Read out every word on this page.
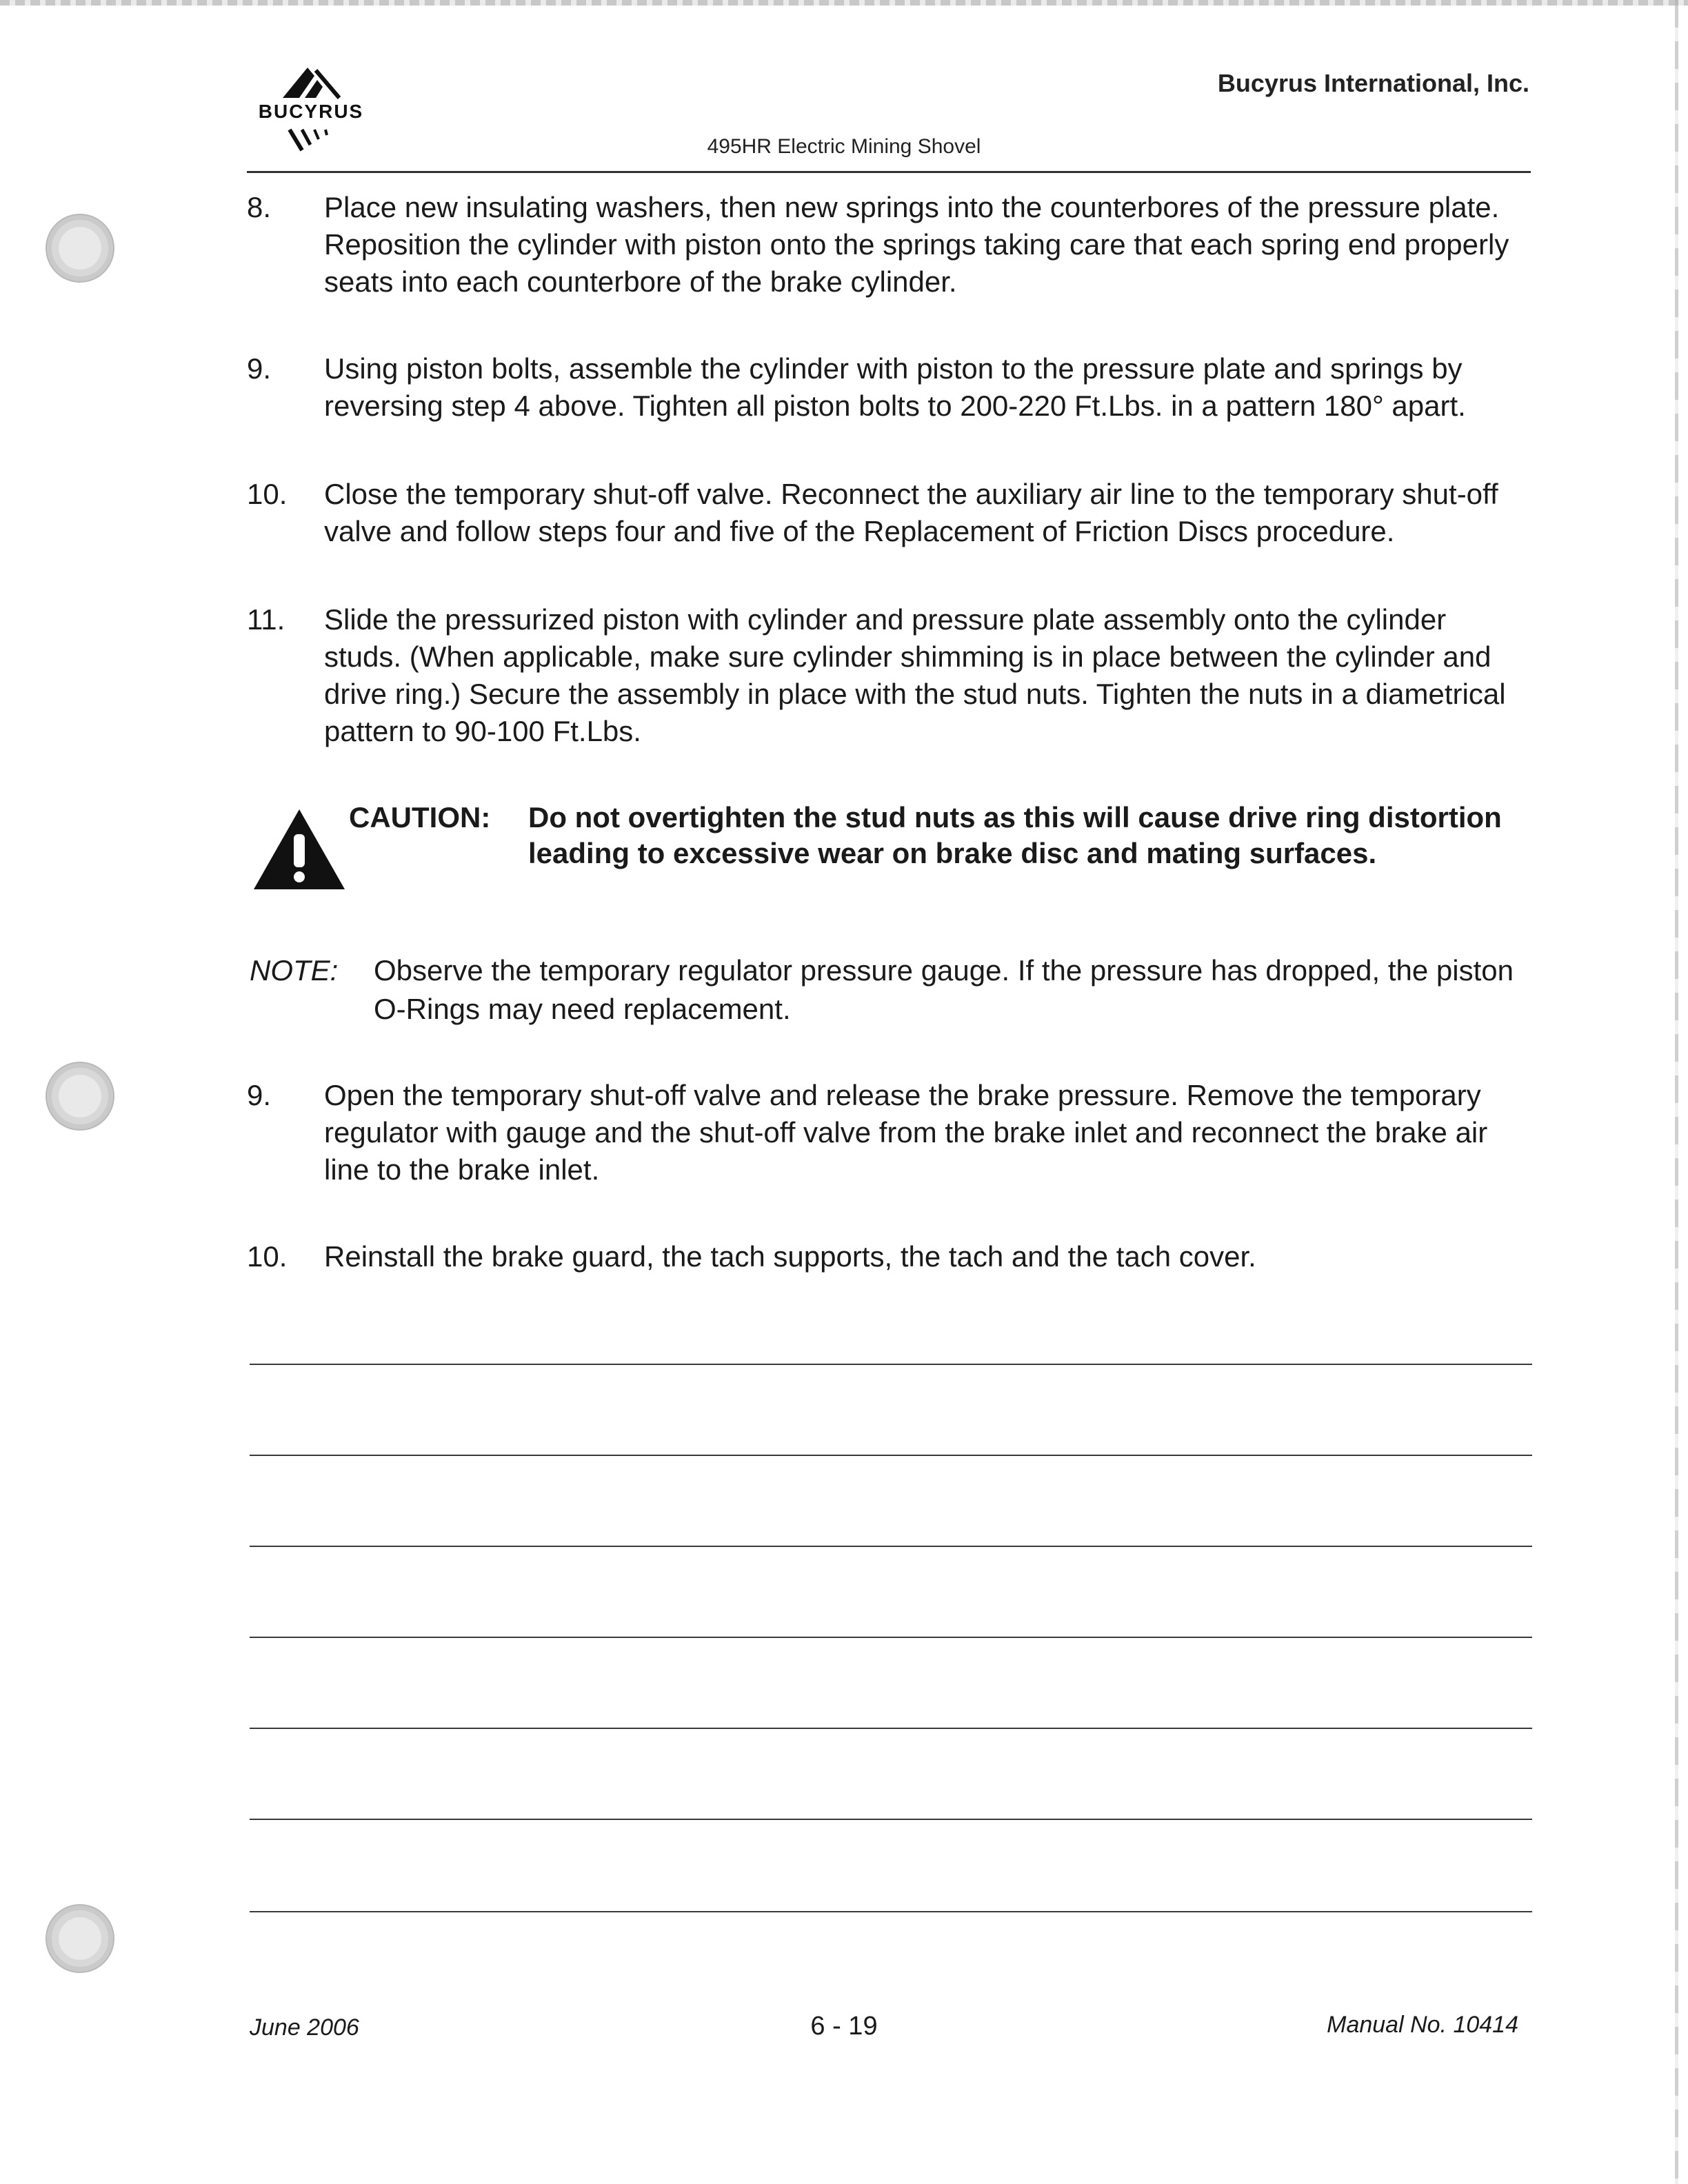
BUCYRUS
Bucyrus International, Inc.
495HR Electric Mining Shovel
8. Place new insulating washers, then new springs into the counterbores of the pressure plate. Reposition the cylinder with piston onto the springs taking care that each spring end properly seats into each counterbore of the brake cylinder.
9. Using piston bolts, assemble the cylinder with piston to the pressure plate and springs by reversing step 4 above. Tighten all piston bolts to 200-220 Ft.Lbs. in a pattern 180° apart.
10. Close the temporary shut-off valve. Reconnect the auxiliary air line to the temporary shut-off valve and follow steps four and five of the Replacement of Friction Discs procedure.
11. Slide the pressurized piston with cylinder and pressure plate assembly onto the cylinder studs. (When applicable, make sure cylinder shimming is in place between the cylinder and drive ring.) Secure the assembly in place with the stud nuts. Tighten the nuts in a diametrical pattern to 90-100 Ft.Lbs.
CAUTION: Do not overtighten the stud nuts as this will cause drive ring distortion leading to excessive wear on brake disc and mating surfaces.
NOTE: Observe the temporary regulator pressure gauge. If the pressure has dropped, the piston O-Rings may need replacement.
9. Open the temporary shut-off valve and release the brake pressure. Remove the temporary regulator with gauge and the shut-off valve from the brake inlet and reconnect the brake air line to the brake inlet.
10. Reinstall the brake guard, the tach supports, the tach and the tach cover.
June 2006	6 - 19	Manual No. 10414
